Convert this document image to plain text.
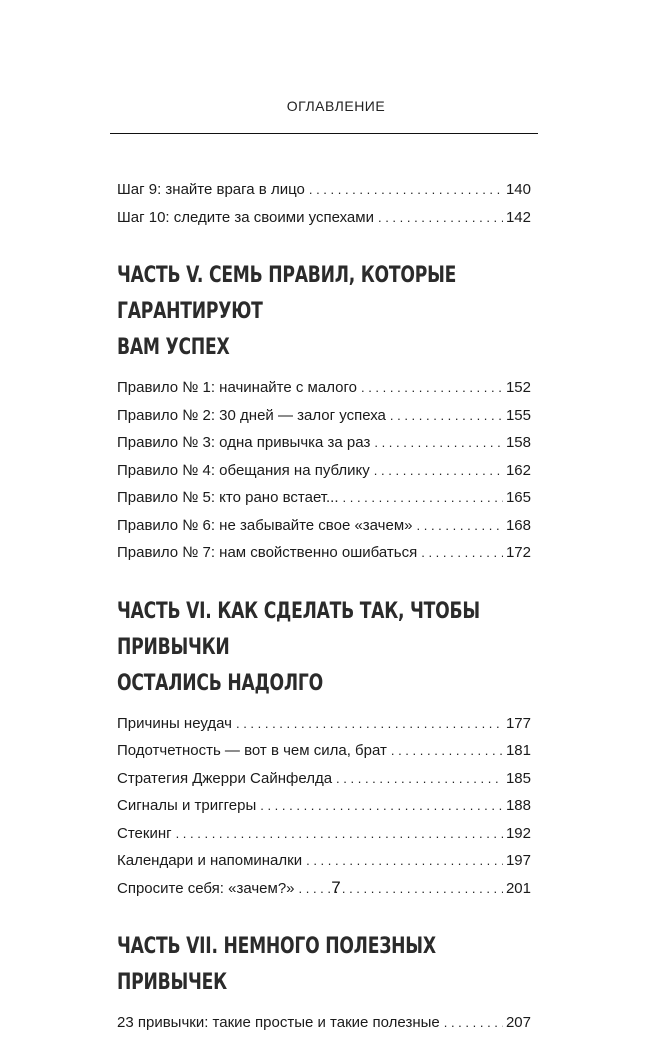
ОГЛАВЛЕНИЕ
Шаг 9: знайте врага в лицо . . .	140
Шаг 10: следите за своими успехами . . .	142
ЧАСТЬ V. СЕМЬ ПРАВИЛ, КОТОРЫЕ ГАРАНТИРУЮТ
ВАМ УСПЕХ
Правило № 1: начинайте с малого . . .	152
Правило № 2: 30 дней — залог успеха . . .	155
Правило № 3: одна привычка за раз . . .	158
Правило № 4: обещания на публику . . .	162
Правило № 5: кто рано встает... . . .	165
Правило № 6: не забывайте свое «зачем» . . .	168
Правило № 7: нам свойственно ошибаться . . .	172
ЧАСТЬ VI. КАК СДЕЛАТЬ ТАК, ЧТОБЫ ПРИВЫЧКИ
ОСТАЛИСЬ НАДОЛГО
Причины неудач . . .	177
Подотчетность — вот в чем сила, брат . . .	181
Стратегия Джерри Сайнфелда . . .	185
Сигналы и триггеры . . .	188
Стекинг . . .	192
Календари и напоминалки . . .	197
Спросите себя: «зачем?» . . .	201
ЧАСТЬ VII. НЕМНОГО ПОЛЕЗНЫХ ПРИВЫЧЕК
23 привычки: такие простые и такие полезные . . .	207
7
